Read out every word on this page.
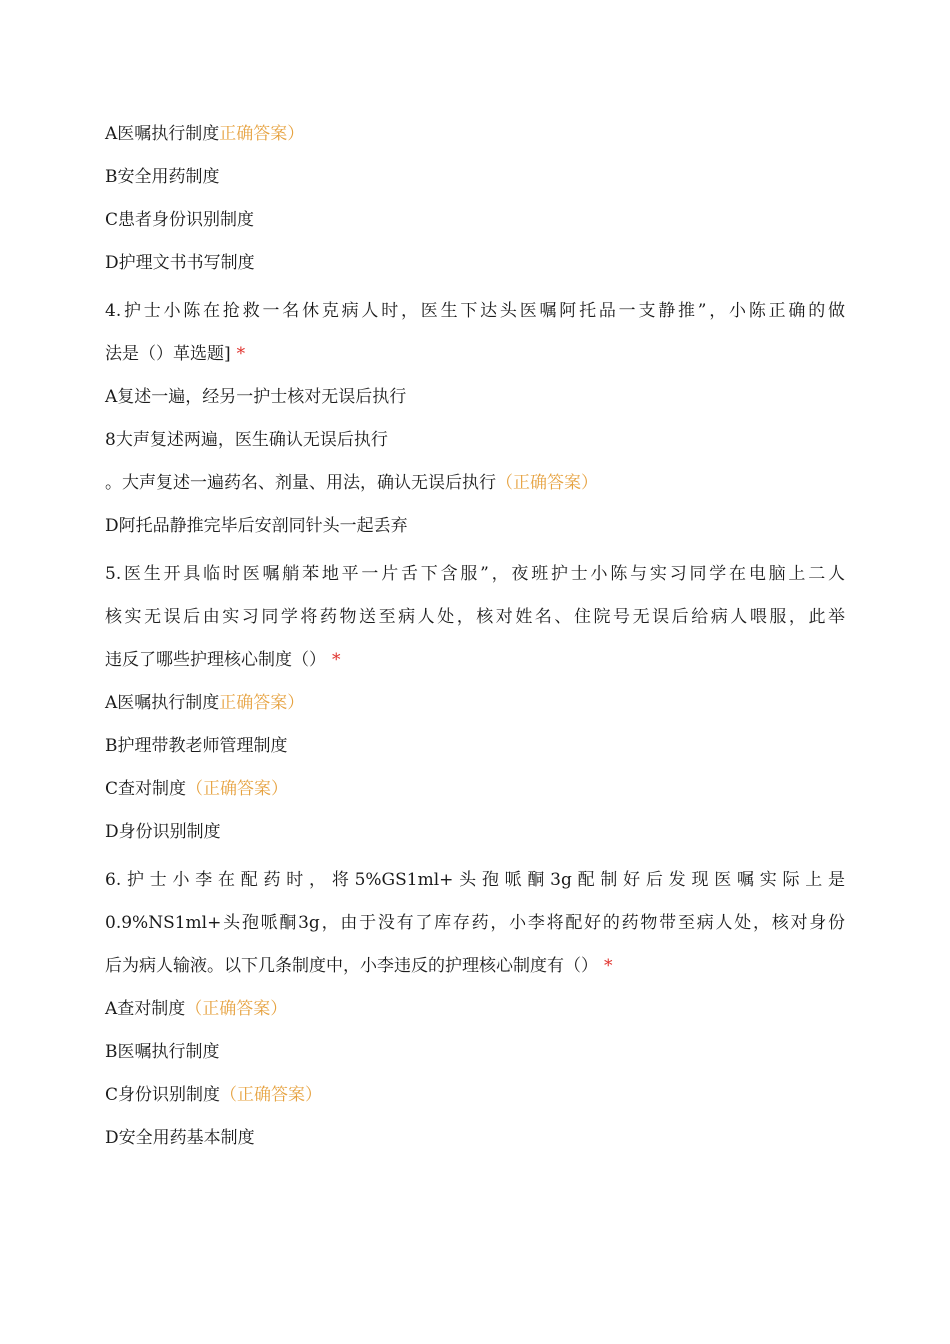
A医嘱执行制度正确答案）
B安全用药制度
C患者身份识别制度
D护理文书书写制度
4.护士小陈在抢救一名休克病人时，医生下达头医嘱阿托品一支静推”，小陈正确的做
法是（）革选题] *
A复述一遍，经另一护士核对无误后执行
8大声复述两遍，医生确认无误后执行
。大声复述一遍药名、剂量、用法，确认无误后执行（正确答案）
D阿托品静推完毕后安剖同针头一起丢弃
5.医生开具临时医嘱艄苯地平一片舌下含服”，夜班护士小陈与实习同学在电脑上二人
核实无误后由实习同学将药物送至病人处，核对姓名、住院号无误后给病人喂服，此举
违反了哪些护理核心制度（） *
A医嘱执行制度正确答案）
B护理带教老师管理制度
C查对制度（正确答案）
D身份识别制度
6.护士小李在配药时，将5%GS1ml+头孢哌酮3g配制好后发现医嘱实际上是
0.9%NS1ml+头孢哌酮3g，由于没有了库存药，小李将配好的药物带至病人处，核对身份
后为病人输液。以下几条制度中，小李违反的护理核心制度有（） *
A查对制度（正确答案）
B医嘱执行制度
C身份识别制度（正确答案）
D安全用药基本制度
